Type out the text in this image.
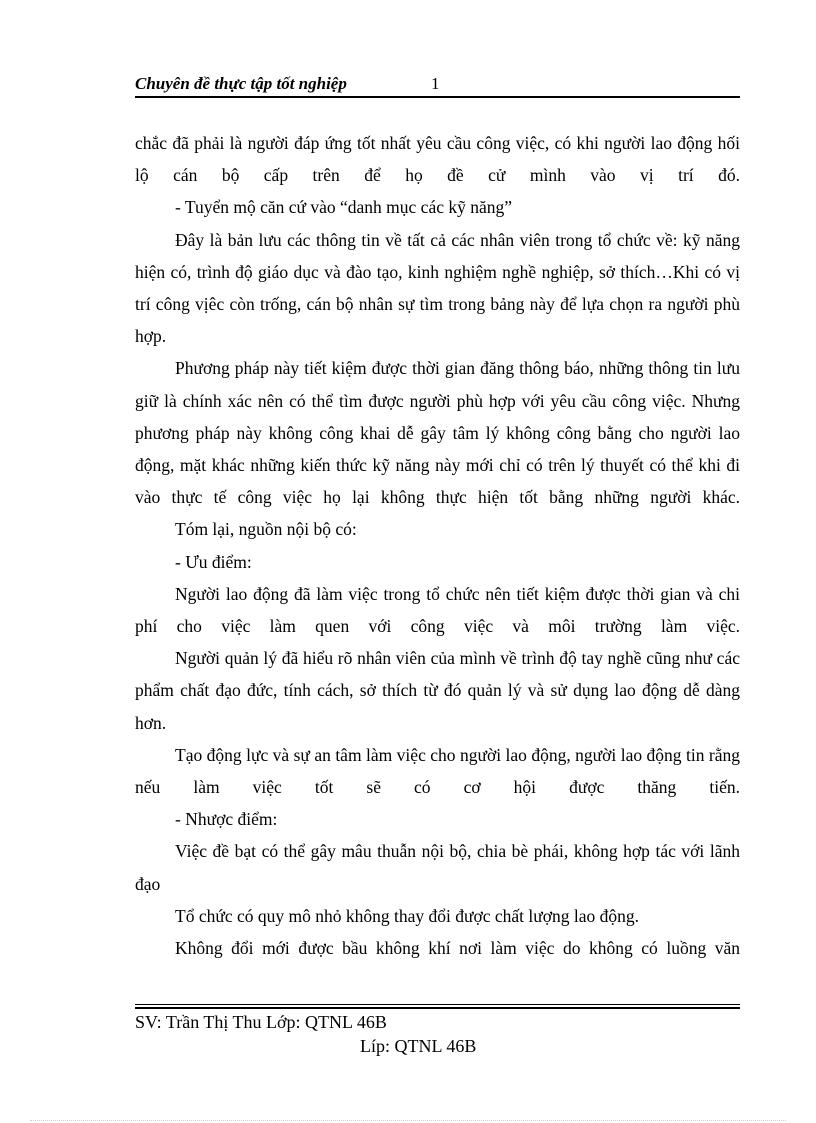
Chuyên đề thực tập tốt nghiệp	1

chắc đã phải là người đáp ứng tốt nhất yêu cầu công việc, có khi người lao động hối lộ cán bộ cấp trên để họ đề cử mình vào vị trí đó.

- Tuyển mộ căn cứ vào “danh mục các kỹ năng”

Đây là bản lưu các thông tin về tất cả các nhân viên trong tổ chức về: kỹ năng hiện có, trình độ giáo dục và đào tạo, kinh nghiệm nghề nghiệp, sở thích…Khi có vị trí công vịêc còn trống, cán bộ nhân sự tìm trong bảng này để lựa chọn ra người phù hợp.

Phương pháp này tiết kiệm được thời gian đăng thông báo, những thông tin lưu giữ là chính xác nên có thể tìm được người phù hợp với yêu cầu công việc. Nhưng phương pháp này không công khai dễ gây tâm lý không công bằng cho người lao động, mặt khác những kiến thức kỹ năng này mới chỉ có trên lý thuyết có thể khi đi vào thực tế công việc họ lại không thực hiện tốt bằng những người khác.

Tóm lại, nguồn nội bộ có:

- Ưu điểm:

Người lao động đã làm việc trong tổ chức nên tiết kiệm được thời gian và chi phí cho việc làm quen với công việc và môi trường làm việc.

Người quản lý đã hiểu rõ nhân viên của mình về trình độ tay nghề cũng như các phẩm chất đạo đức, tính cách, sở thích từ đó quản lý và sử dụng lao động dễ dàng hơn.

Tạo động lực và sự an tâm làm việc cho người lao động, người lao động tin rằng nếu làm việc tốt sẽ có cơ hội được thăng tiến.

- Nhược điểm:

Việc đề bạt có thể gây mâu thuẫn nội bộ, chia bè phái, không hợp tác với lãnh đạo

Tổ chức có quy mô nhỏ không thay đổi được chất lượng lao động.

Không đổi mới được bầu không khí nơi làm việc do không có luồng văn

SV: Trần Thị Thu Lớp: QTNL 46B
Líp: QTNL 46B
